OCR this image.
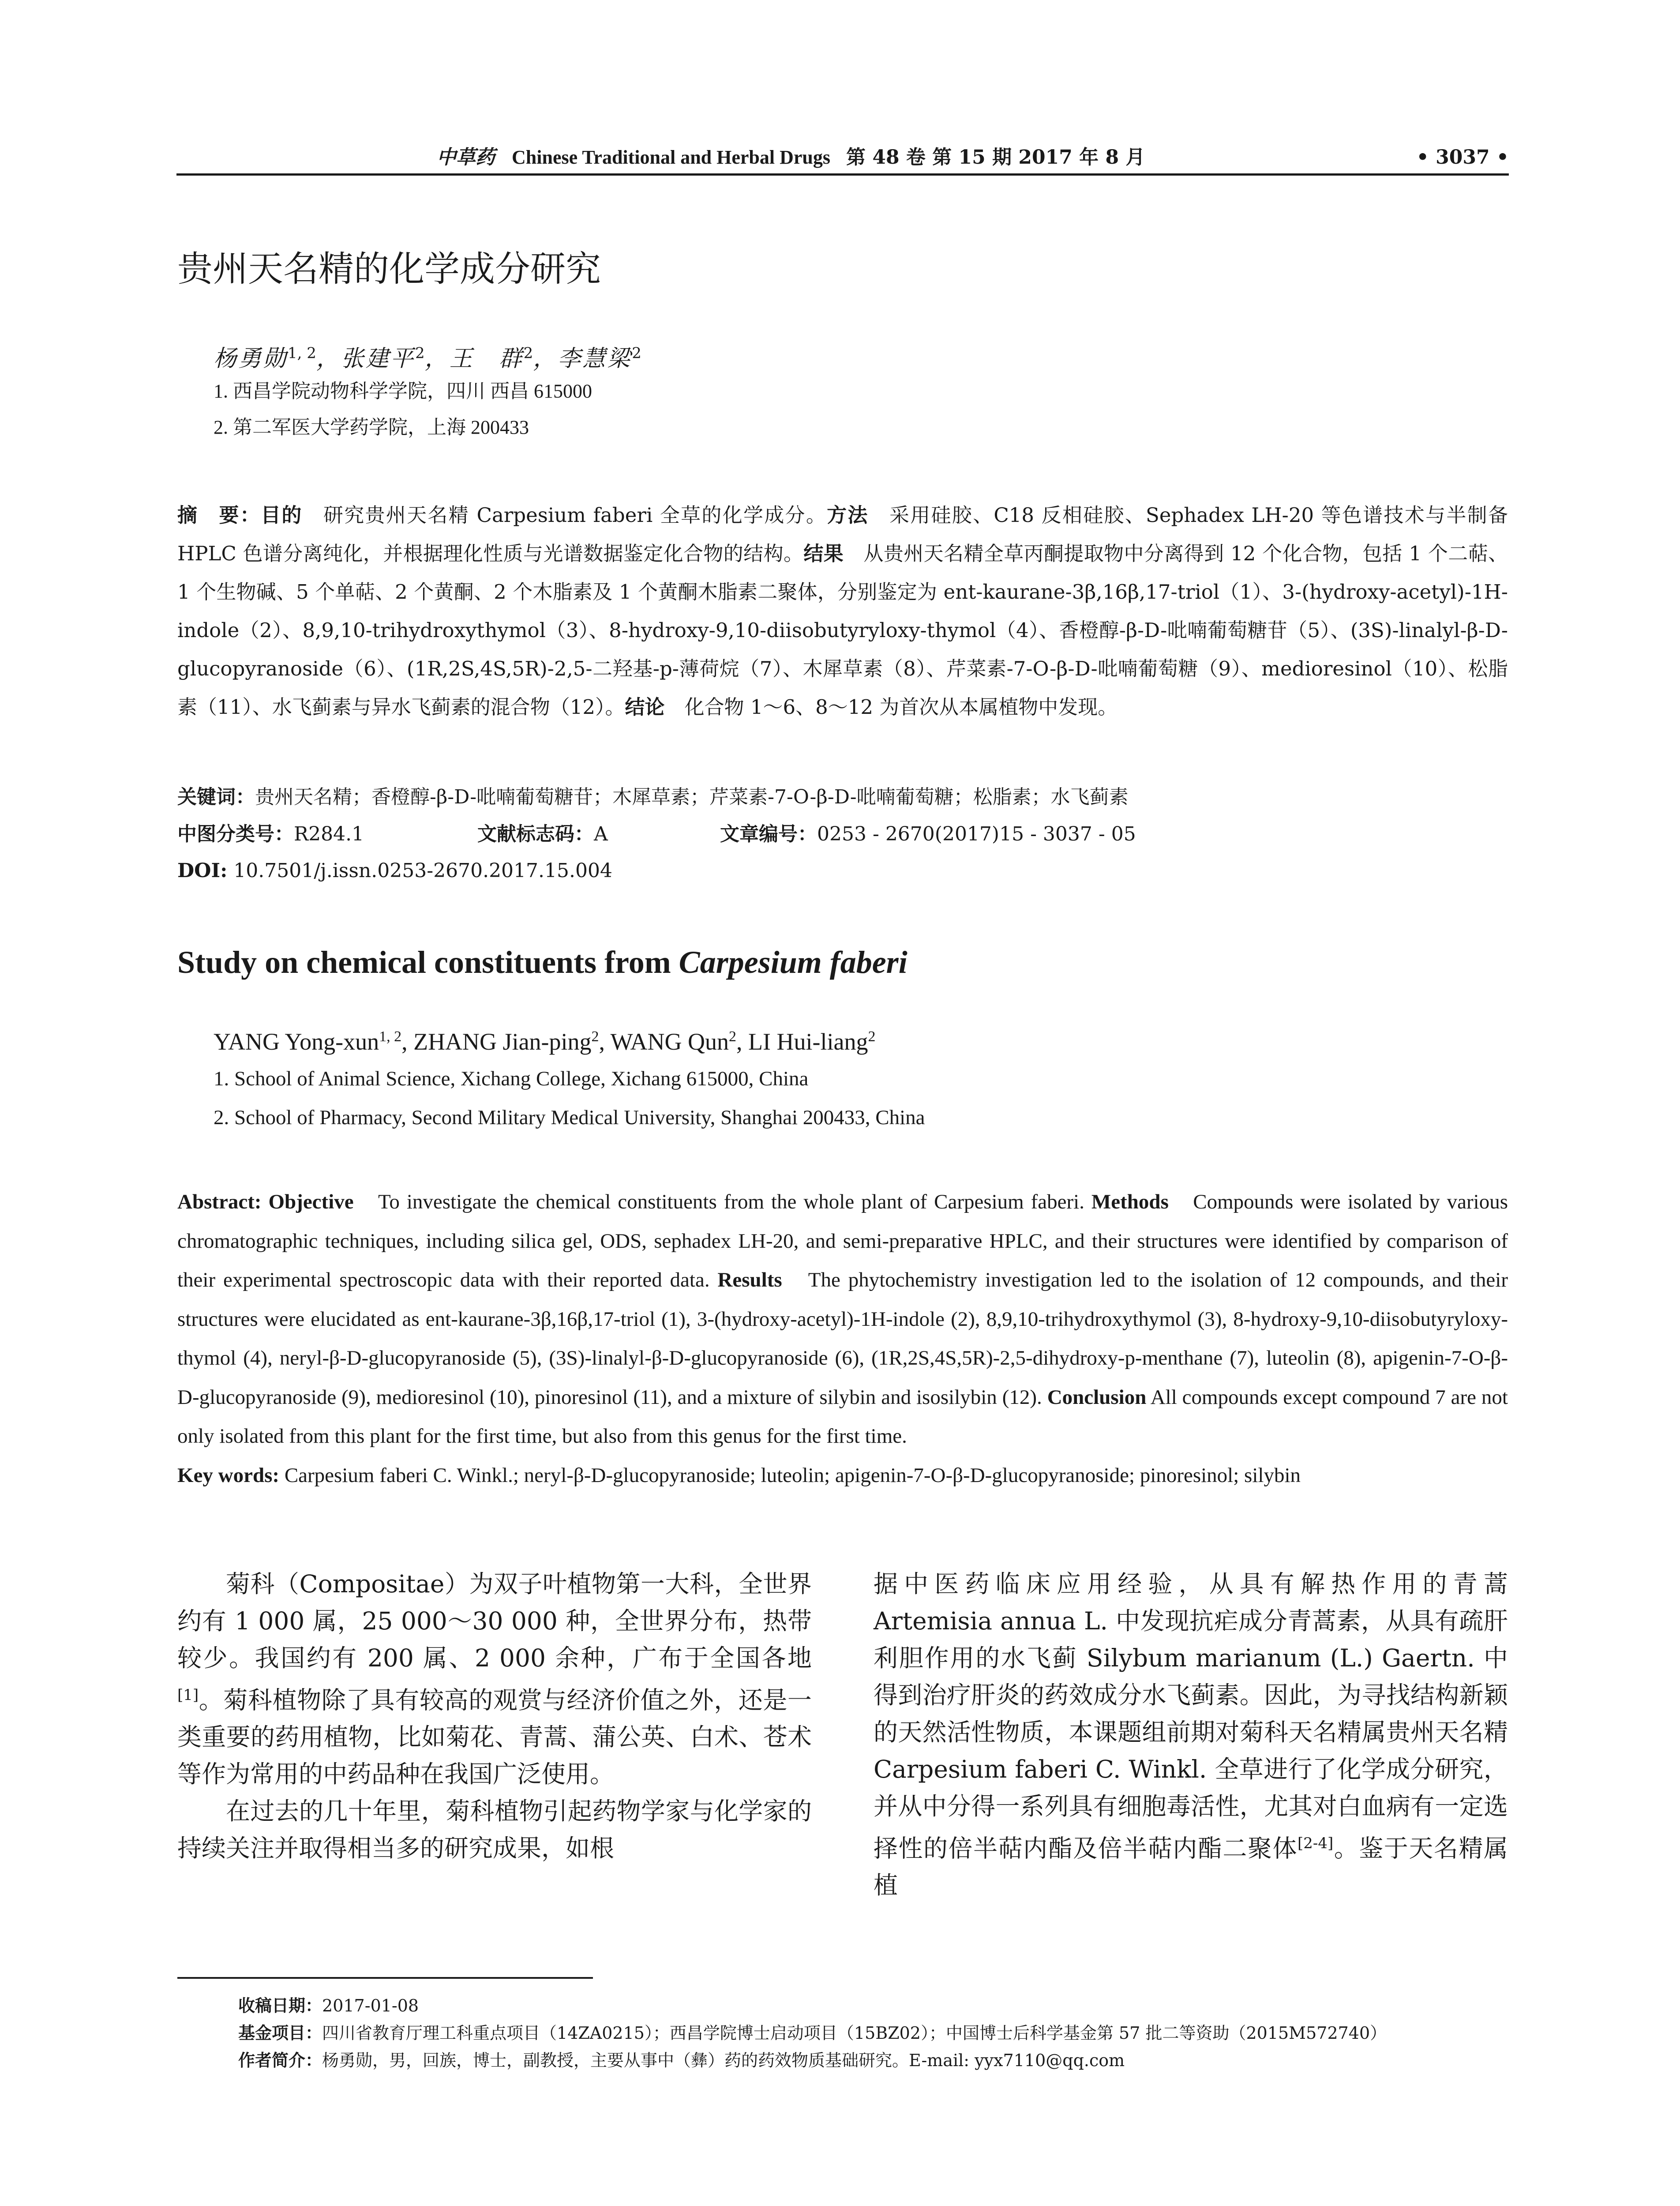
中草药 Chinese Traditional and Herbal Drugs 第 48 卷 第 15 期 2017 年 8 月	• 3037 •
贵州天名精的化学成分研究
杨勇勋$^{1, 2}$，张建平$^2$，王　群$^2$，李慧梁$^2$
1. 西昌学院动物科学学院，四川 西昌 615000
2. 第二军医大学药学院，上海 200433
摘　要：目的　研究贵州天名精 Carpesium faberi 全草的化学成分。方法　采用硅胶、C18 反相硅胶、Sephadex LH-20 等色谱技术与半制备 HPLC 色谱分离纯化，并根据理化性质与光谱数据鉴定化合物的结构。结果　从贵州天名精全草丙酮提取物中分离得到 12 个化合物，包括 1 个二萜、1 个生物碱、5 个单萜、2 个黄酮、2 个木脂素及 1 个黄酮木脂素二聚体，分别鉴定为 ent-kaurane-3β,16β,17-triol（1）、3-(hydroxy-acetyl)-1H-indole（2）、8,9,10-trihydroxythymol（3）、8-hydroxy-9,10-diisobutyryloxy-thymol（4）、香橙醇-β-D-吡喃葡萄糖苷（5）、(3S)-linalyl-β-D-glucopyranoside（6）、(1R,2S,4S,5R)-2,5-二羟基-p-薄荷烷（7）、木犀草素（8）、芹菜素-7-O-β-D-吡喃葡萄糖（9）、medioresinol（10）、松脂素（11）、水飞蓟素与异水飞蓟素的混合物（12）。结论　化合物 1～6、8～12 为首次从本属植物中发现。
关键词：贵州天名精；香橙醇-β-D-吡喃葡萄糖苷；木犀草素；芹菜素-7-O-β-D-吡喃葡萄糖；松脂素；水飞蓟素
中图分类号：R284.1	文献标志码：A	文章编号：0253 - 2670(2017)15 - 3037 - 05
DOI: 10.7501/j.issn.0253-2670.2017.15.004
Study on chemical constituents from Carpesium faberi
YANG Yong-xun$^{1, 2}$, ZHANG Jian-ping$^2$, WANG Qun$^2$, LI Hui-liang$^2$
1. School of Animal Science, Xichang College, Xichang 615000, China
2. School of Pharmacy, Second Military Medical University, Shanghai 200433, China
Abstract: Objective　To investigate the chemical constituents from the whole plant of Carpesium faberi. Methods　Compounds were isolated by various chromatographic techniques, including silica gel, ODS, sephadex LH-20, and semi-preparative HPLC, and their structures were identified by comparison of their experimental spectroscopic data with their reported data. Results　The phytochemistry investigation led to the isolation of 12 compounds, and their structures were elucidated as ent-kaurane-3β,16β,17-triol (1), 3-(hydroxy-acetyl)-1H-indole (2), 8,9,10-trihydroxythymol (3), 8-hydroxy-9,10-diisobutyryloxy-thymol (4), neryl-β-D-glucopyranoside (5), (3S)-linalyl-β-D-glucopyranoside (6), (1R,2S,4S,5R)-2,5-dihydroxy-p-menthane (7), luteolin (8), apigenin-7-O-β-D-glucopyranoside (9), medioresinol (10), pinoresinol (11), and a mixture of silybin and isosilybin (12). Conclusion All compounds except compound 7 are not only isolated from this plant for the first time, but also from this genus for the first time.
Key words: Carpesium faberi C. Winkl.; neryl-β-D-glucopyranoside; luteolin; apigenin-7-O-β-D-glucopyranoside; pinoresinol; silybin

菊科（Compositae）为双子叶植物第一大科，全世界约有 1 000 属，25 000～30 000 种，全世界分布，热带较少。我国约有 200 属、2 000 余种，广布于全国各地[1]。菊科植物除了具有较高的观赏与经济价值之外，还是一类重要的药用植物，比如菊花、青蒿、蒲公英、白术、苍术等作为常用的中药品种在我国广泛使用。

在过去的几十年里，菊科植物引起药物学家与化学家的持续关注并取得相当多的研究成果，如根

据中医药临床应用经验，从具有解热作用的青蒿 Artemisia annua L. 中发现抗疟成分青蒿素，从具有疏肝利胆作用的水飞蓟 Silybum marianum (L.) Gaertn. 中得到治疗肝炎的药效成分水飞蓟素。因此，为寻找结构新颖的天然活性物质，本课题组前期对菊科天名精属贵州天名精 Carpesium faberi C. Winkl. 全草进行了化学成分研究，并从中分得一系列具有细胞毒活性，尤其对白血病有一定选择性的倍半萜内酯及倍半萜内酯二聚体[2-4]。鉴于天名精属植

收稿日期：2017-01-08
基金项目：四川省教育厅理工科重点项目（14ZA0215）；西昌学院博士启动项目（15BZ02）；中国博士后科学基金第 57 批二等资助（2015M572740）
作者简介：杨勇勋，男，回族，博士，副教授，主要从事中（彝）药的药效物质基础研究。E-mail: yyx7110@qq.com
